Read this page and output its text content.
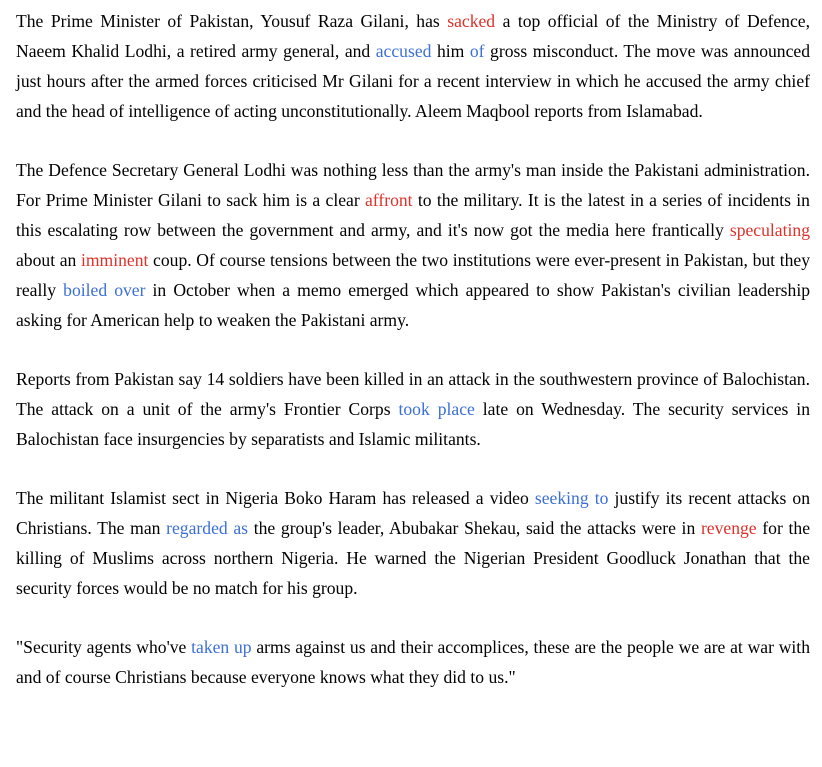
The Prime Minister of Pakistan, Yousuf Raza Gilani, has sacked a top official of the Ministry of Defence, Naeem Khalid Lodhi, a retired army general, and accused him of gross misconduct. The move was announced just hours after the armed forces criticised Mr Gilani for a recent interview in which he accused the army chief and the head of intelligence of acting unconstitutionally. Aleem Maqbool reports from Islamabad.

The Defence Secretary General Lodhi was nothing less than the army's man inside the Pakistani administration. For Prime Minister Gilani to sack him is a clear affront to the military. It is the latest in a series of incidents in this escalating row between the government and army, and it's now got the media here frantically speculating about an imminent coup. Of course tensions between the two institutions were ever-present in Pakistan, but they really boiled over in October when a memo emerged which appeared to show Pakistan's civilian leadership asking for American help to weaken the Pakistani army.

Reports from Pakistan say 14 soldiers have been killed in an attack in the southwestern province of Balochistan. The attack on a unit of the army's Frontier Corps took place late on Wednesday. The security services in Balochistan face insurgencies by separatists and Islamic militants.

The militant Islamist sect in Nigeria Boko Haram has released a video seeking to justify its recent attacks on Christians. The man regarded as the group's leader, Abubakar Shekau, said the attacks were in revenge for the killing of Muslims across northern Nigeria. He warned the Nigerian President Goodluck Jonathan that the security forces would be no match for his group.

"Security agents who've taken up arms against us and their accomplices, these are the people we are at war with and of course Christians because everyone knows what they did to us."
